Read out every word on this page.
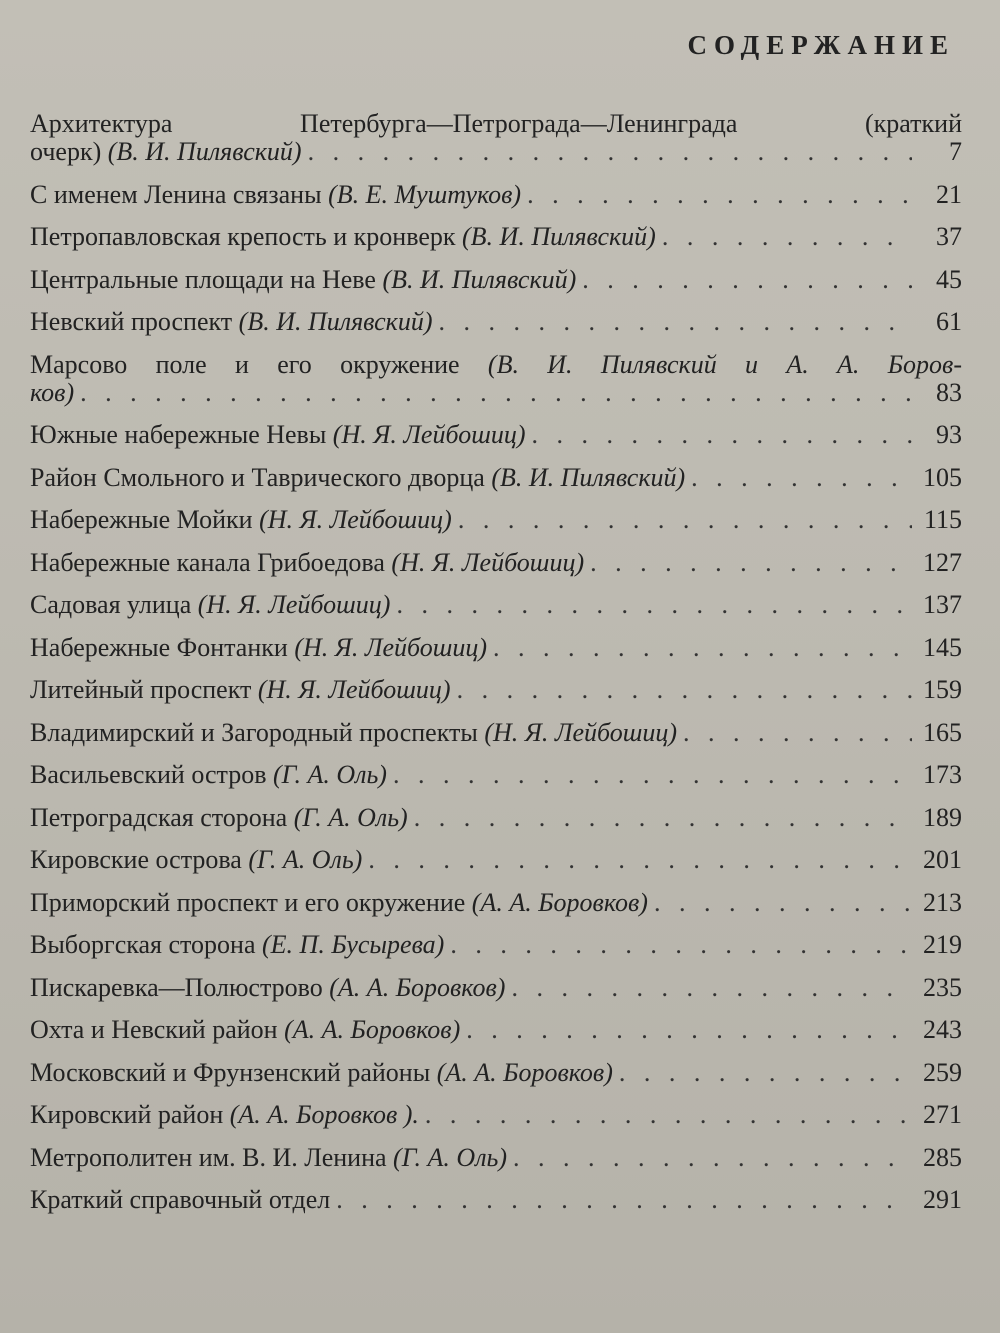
СОДЕРЖАНИЕ
Архитектура Петербурга—Петрограда—Ленинграда (краткий
очерк) (В. И. Пилявский) . . .	7
С именем Ленина связаны (В. Е. Муштуков) . . .	21
Петропавловская крепость и кронверк (В. И. Пилявский) . . .	37
Центральные площади на Неве (В. И. Пилявский) . . .	45
Невский проспект (В. И. Пилявский) . . .	61
Марсово поле и его окружение (В. И. Пилявский и А. А. Боров-
ков) . . .	83
Южные набережные Невы (Н. Я. Лейбошиц) . . .	93
Район Смольного и Таврического дворца (В. И. Пилявский) . . .	105
Набережные Мойки (Н. Я. Лейбошиц) . . .	115
Набережные канала Грибоедова (Н. Я. Лейбошиц) . . .	127
Садовая улица (Н. Я. Лейбошиц) . . .	137
Набережные Фонтанки (Н. Я. Лейбошиц) . . .	145
Литейный проспект (Н. Я. Лейбошиц) . . .	159
Владимирский и Загородный проспекты (Н. Я. Лейбошиц) . . .	165
Васильевский остров (Г. А. Оль) . . .	173
Петроградская сторона (Г. А. Оль) . . .	189
Кировские острова (Г. А. Оль) . . .	201
Приморский проспект и его окружение (А. А. Боровков) . . .	213
Выборгская сторона (Е. П. Бусырева) . . .	219
Пискаревка—Полюстрово (А. А. Боровков) . . .	235
Охта и Невский район (А. А. Боровков) . . .	243
Московский и Фрунзенский районы (А. А. Боровков) . . .	259
Кировский район (А. А. Боровков ). . . .	271
Метрополитен им. В. И. Ленина (Г. А. Оль) . . .	285
Краткий справочный отдел . . .	291
